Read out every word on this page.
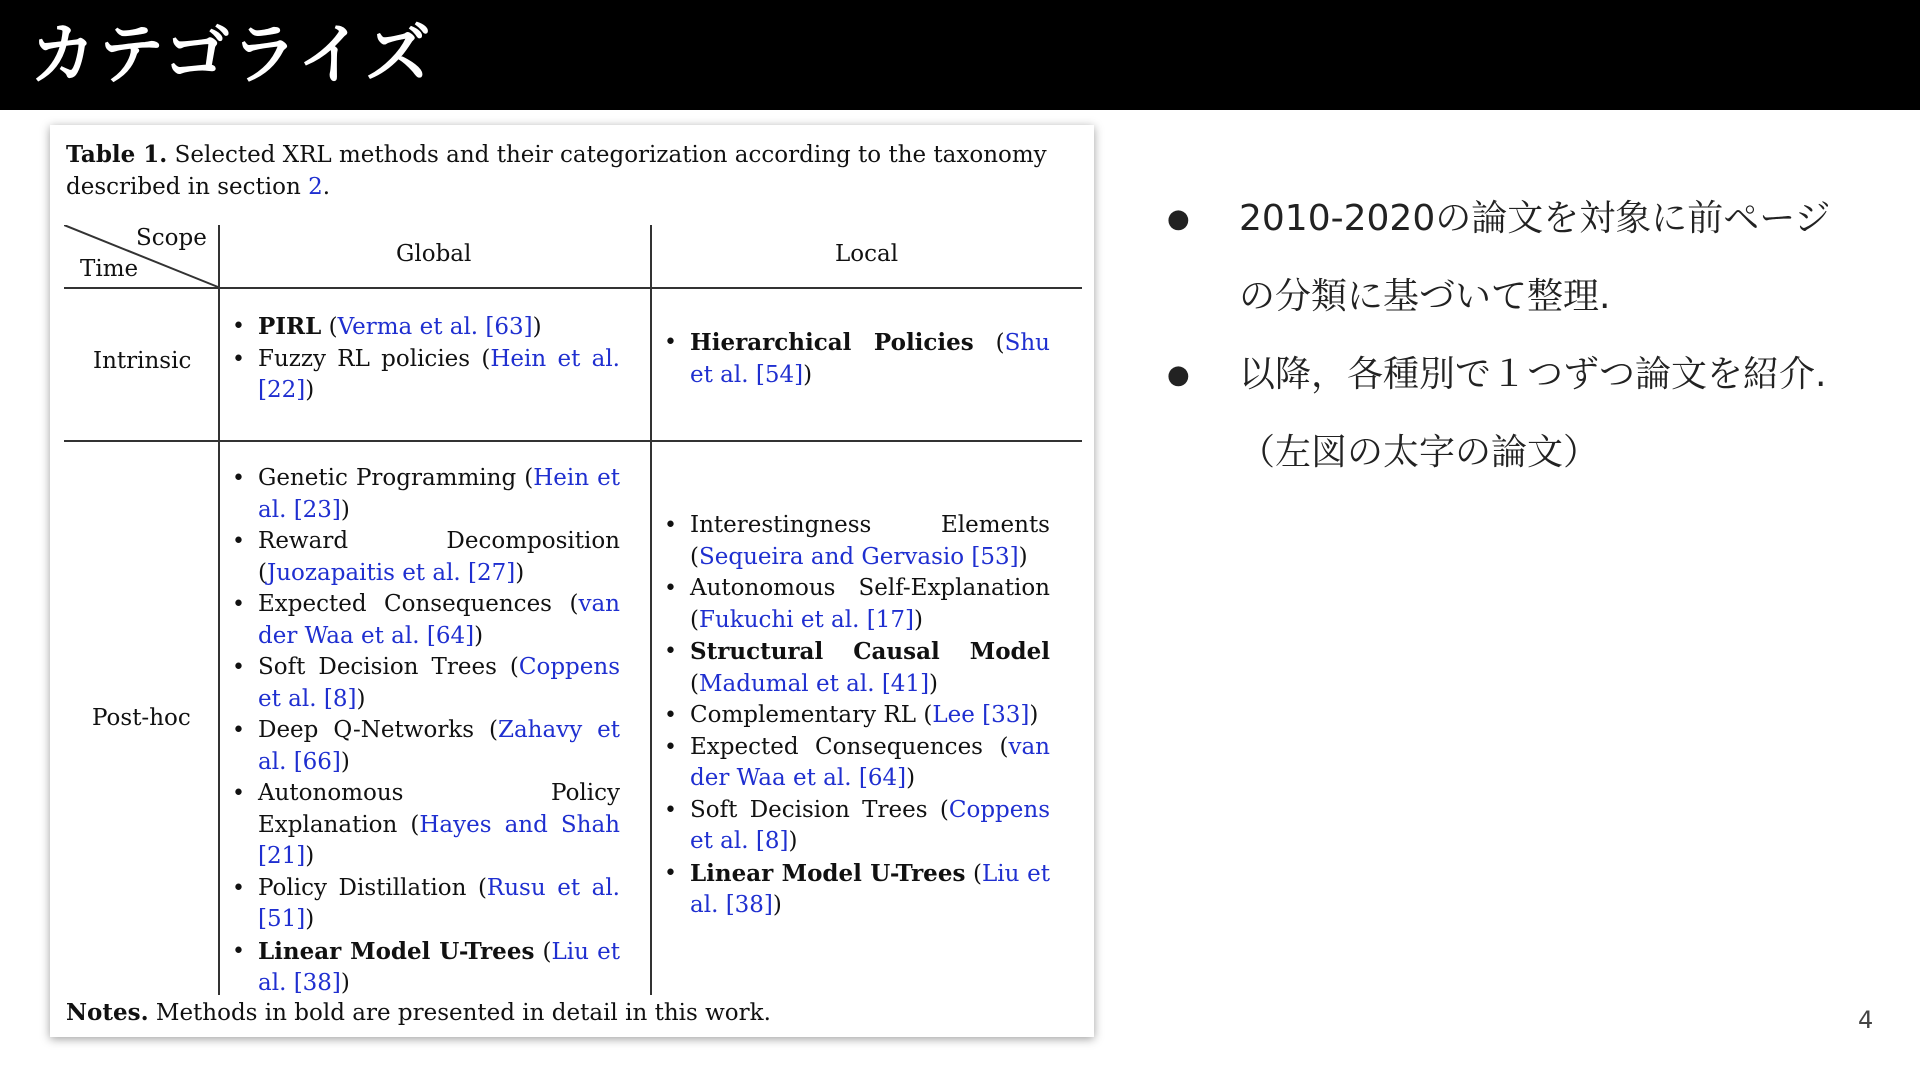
カテゴライズ
Table 1. Selected XRL methods and their categorization according to the taxonomy described in section 2.
Scope
Time
Global	Local
Intrinsic
Post-hoc
• PIRL (Verma et al. [63])
• Fuzzy RL policies (Hein et al. [22])
• Hierarchical Policies (Shu et al. [54])
• Genetic Programming (Hein et al. [23])
• Reward Decomposition (Juozapaitis et al. [27])
• Expected Consequences (van der Waa et al. [64])
• Soft Decision Trees (Coppens et al. [8])
• Deep Q-Networks (Zahavy et al. [66])
• Autonomous Policy Explanation (Hayes and Shah [21])
• Policy Distillation (Rusu et al. [51])
• Linear Model U-Trees (Liu et al. [38])
• Interestingness Elements (Sequeira and Gervasio [53])
• Autonomous Self-Explanation (Fukuchi et al. [17])
• Structural Causal Model (Madumal et al. [41])
• Complementary RL (Lee [33])
• Expected Consequences (van der Waa et al. [64])
• Soft Decision Trees (Coppens et al. [8])
• Linear Model U-Trees (Liu et al. [38])
Notes. Methods in bold are presented in detail in this work.
● 2010-2020の論文を対象に前ページの分類に基づいて整理.
● 以降，各種別で１つずつ論文を紹介.　（左図の太字の論文）
4
